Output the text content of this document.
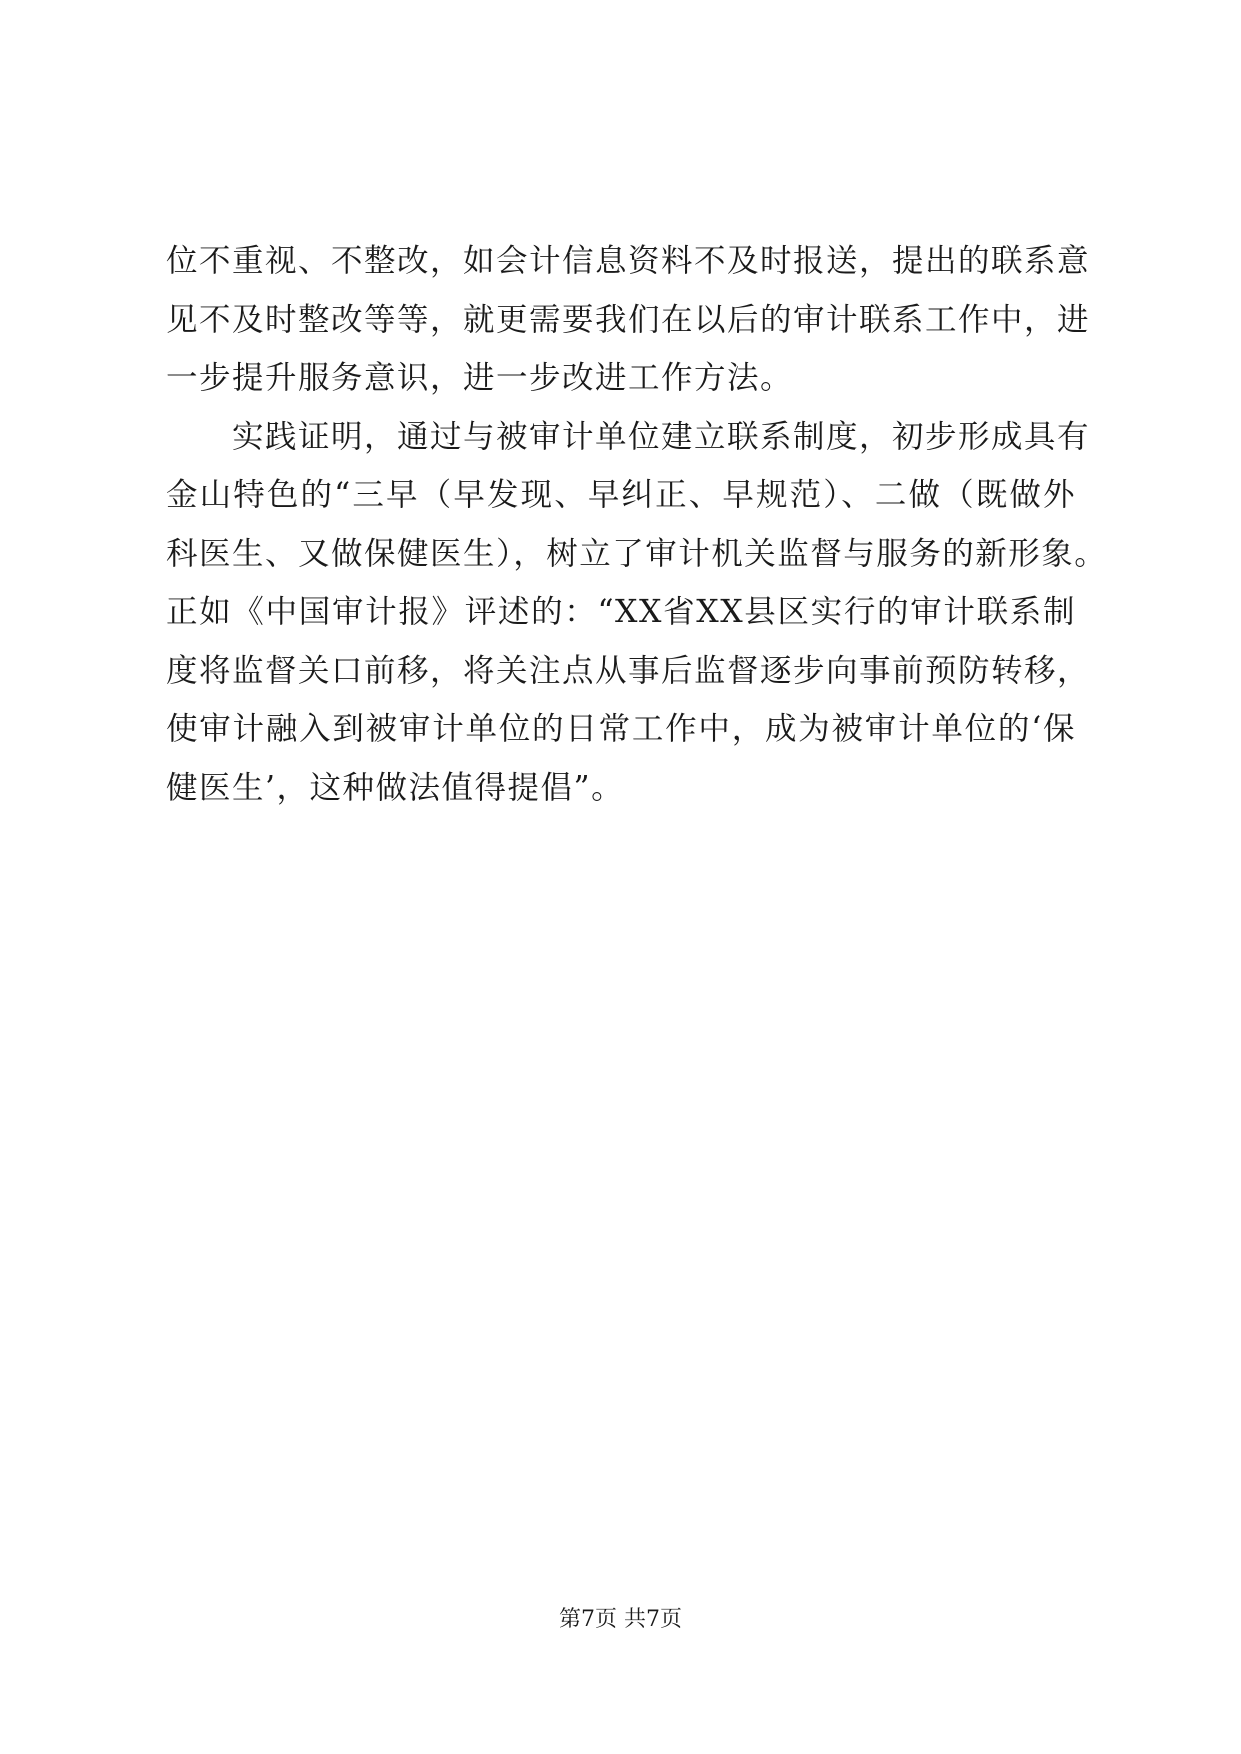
位不重视、不整改，如会计信息资料不及时报送，提出的联系意
见不及时整改等等，就更需要我们在以后的审计联系工作中，进
一步提升服务意识，进一步改进工作方法。
实践证明，通过与被审计单位建立联系制度，初步形成具有
金山特色的“三早（早发现、早纠正、早规范）、二做（既做外
科医生、又做保健医生），树立了审计机关监督与服务的新形象。
正如《中国审计报》评述的：“XX省XX县区实行的审计联系制
度将监督关口前移，将关注点从事后监督逐步向事前预防转移，
使审计融入到被审计单位的日常工作中，成为被审计单位的‘保
健医生’，这种做法值得提倡”。
第7页 共7页
